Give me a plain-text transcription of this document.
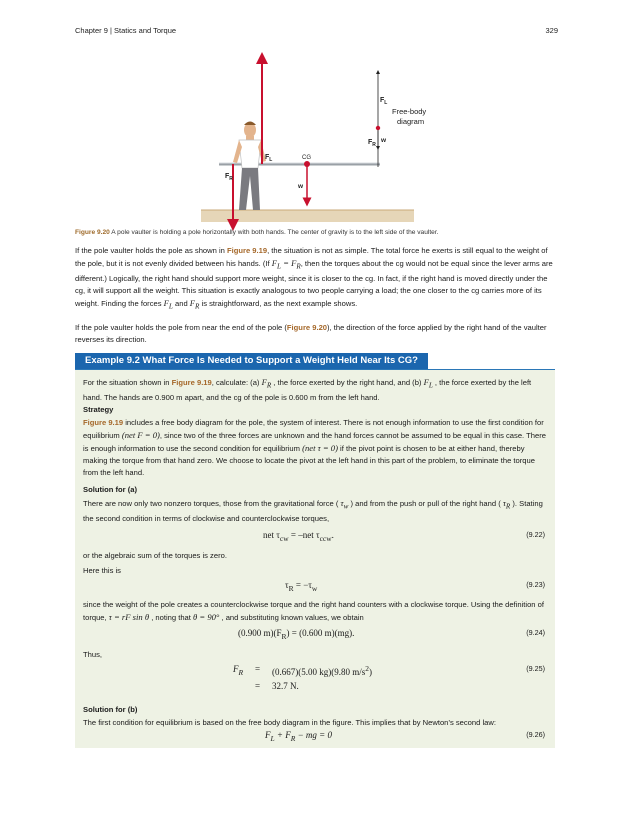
Chapter 9 | Statics and Torque	329
$F_L$
$F_R$
CG
w
$F_L$
w
$F_R$
Free-body
diagram
Figure 9.20 A pole vaulter is holding a pole horizontally with both hands. The center of gravity is to the left side of the vaulter.

If the pole vaulter holds the pole as shown in Figure 9.19, the situation is not as simple. The total force he exerts is still equal to the weight of the pole, but it is not evenly divided between his hands. (If $F_L = F_R$, then the torques about the cg would not be equal since the lever arms are different.) Logically, the right hand should support more weight, since it is closer to the cg. In fact, if the right hand is moved directly under the cg, it will support all the weight. This situation is exactly analogous to two people carrying a load; the one closer to the cg carries more of its weight. Finding the forces $F_L$ and $F_R$ is straightforward, as the next example shows.

If the pole vaulter holds the pole from near the end of the pole (Figure 9.20), the direction of the force applied by the right hand of the vaulter reverses its direction.

Example 9.2 What Force Is Needed to Support a Weight Held Near Its CG?

For the situation shown in Figure 9.19, calculate: (a) $F_R$ , the force exerted by the right hand, and (b) $F_L$ , the force exerted by the left hand. The hands are 0.900 m apart, and the cg of the pole is 0.600 m from the left hand.

Strategy

Figure 9.19 includes a free body diagram for the pole, the system of interest. There is not enough information to use the first condition for equilibrium (net F = 0), since two of the three forces are unknown and the hand forces cannot be assumed to be equal in this case. There is enough information to use the second condition for equilibrium (net τ = 0) if the pivot point is chosen to be at either hand, thereby making the torque from that hand zero. We choose to locate the pivot at the left hand in this part of the problem, to eliminate the torque from the left hand.

Solution for (a)

There are now only two nonzero torques, those from the gravitational force ( $\tau_w$ ) and from the push or pull of the right hand ( $\tau_R$ ). Stating the second condition in terms of clockwise and counterclockwise torques,

net $\tau_{cw} = -net$ $\tau_{ccw}$.	(9.22)

or the algebraic sum of the torques is zero.

Here this is

$\tau_R = -\tau_w$	(9.23)

since the weight of the pole creates a counterclockwise torque and the right hand counters with a clockwise torque. Using the definition of torque, τ = rF sin θ , noting that θ = 90° , and substituting known values, we obtain

(0.900 $m)(F_R) = (0.600$ m)(mg).	(9.24)

Thus,

$F_R = (0.667)(5.00$ kg)(9.80 $m/s^2$)
= 32.7 N.
(9.25)

Solution for (b)

The first condition for equilibrium is based on the free body diagram in the figure. This implies that by Newton’s second law:

$F_L + F_R$ − mg = 0	(9.26)
